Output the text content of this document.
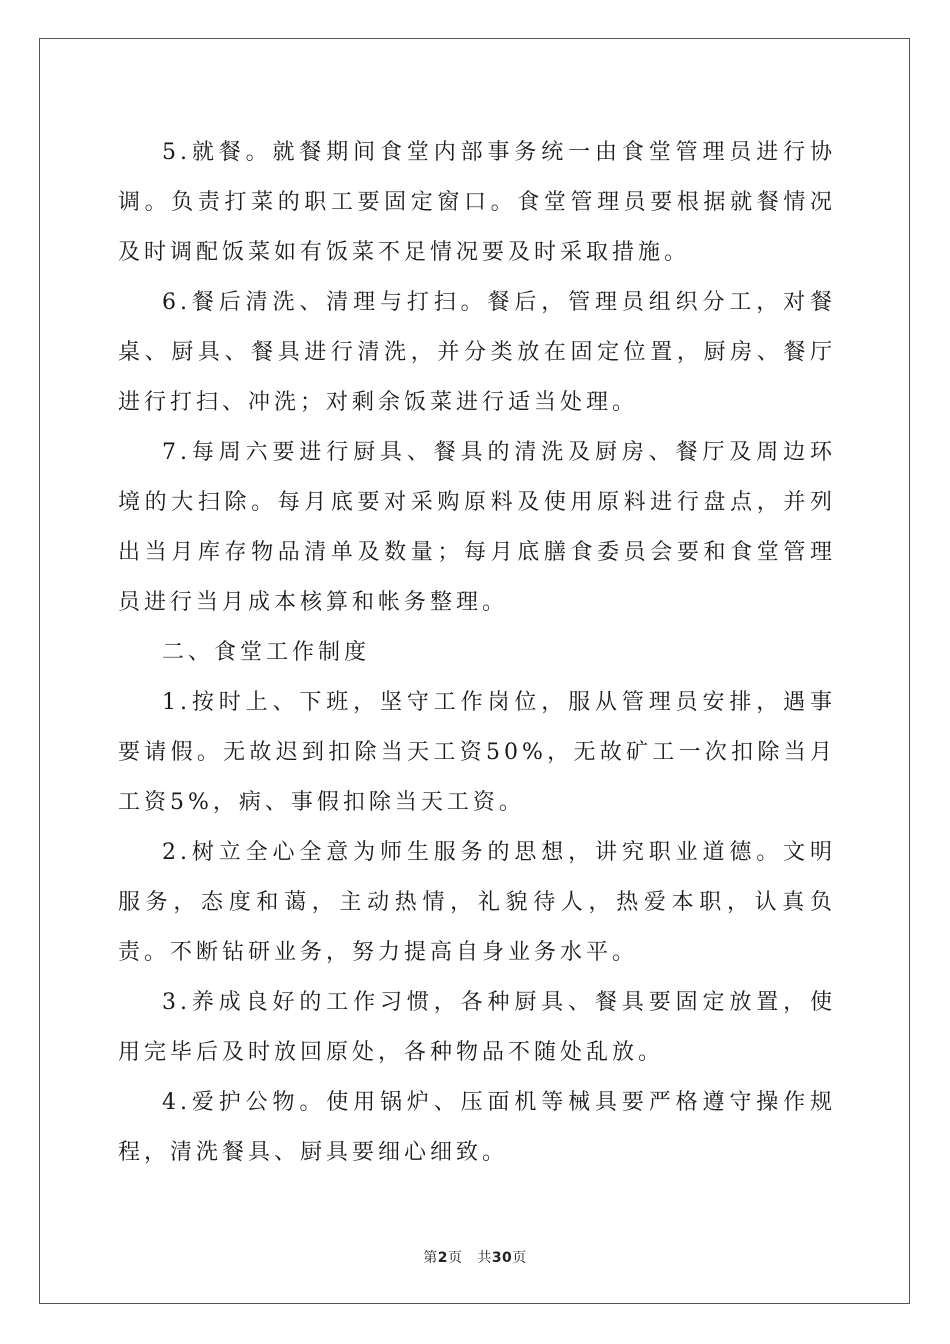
5.就餐。就餐期间食堂内部事务统一由食堂管理员进行协调。负责打菜的职工要固定窗口。食堂管理员要根据就餐情况及时调配饭菜如有饭菜不足情况要及时采取措施。

6.餐后清洗、清理与打扫。餐后，管理员组织分工，对餐桌、厨具、餐具进行清洗，并分类放在固定位置，厨房、餐厅进行打扫、冲洗；对剩余饭菜进行适当处理。

7.每周六要进行厨具、餐具的清洗及厨房、餐厅及周边环境的大扫除。每月底要对采购原料及使用原料进行盘点，并列出当月库存物品清单及数量；每月底膳食委员会要和食堂管理员进行当月成本核算和帐务整理。

二、食堂工作制度

1.按时上、下班，坚守工作岗位，服从管理员安排，遇事要请假。无故迟到扣除当天工资50%，无故矿工一次扣除当月工资5%，病、事假扣除当天工资。

2.树立全心全意为师生服务的思想，讲究职业道德。文明服务，态度和蔼，主动热情，礼貌待人，热爱本职，认真负责。不断钻研业务，努力提高自身业务水平。

3.养成良好的工作习惯，各种厨具、餐具要固定放置，使用完毕后及时放回原处，各种物品不随处乱放。

4.爱护公物。使用锅炉、压面机等械具要严格遵守操作规程，清洗餐具、厨具要细心细致。

第2页 共30页
